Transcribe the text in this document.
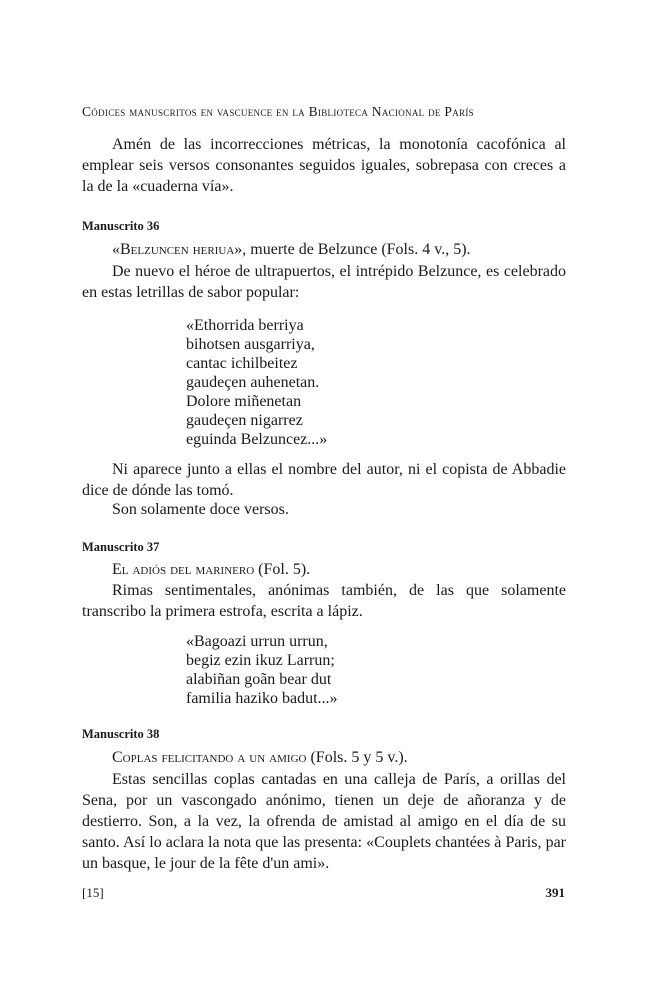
Códices manuscritos en vascuence en la Biblioteca Nacional de París

Amén de las incorrecciones métricas, la monotonía cacofónica al emplear seis versos consonantes seguidos iguales, sobrepasa con creces a la de la «cuaderna vía».

Manuscrito 36

«Belzuncen heriua», muerte de Belzunce (Fols. 4 v., 5).

De nuevo el héroe de ultrapuertos, el intrépido Belzunce, es celebrado en estas letrillas de sabor popular:

«Ethorrida berriya
bihotsen ausgarriya,
cantac ichilbeitez
gaudeçen auhenetan.
Dolore miñenetan
gaudeçen nigarrez
eguinda Belzuncez...»

Ni aparece junto a ellas el nombre del autor, ni el copista de Abbadie dice de dónde las tomó.

Son solamente doce versos.

Manuscrito 37

El adiós del marinero (Fol. 5).

Rimas sentimentales, anónimas también, de las que solamente transcribo la primera estrofa, escrita a lápiz.

«Bagoazi urrun urrun,
begiz ezin ikuz Larrun;
alabiñan goãn bear dut
familia haziko badut...»
Manuscrito 38

Coplas felicitando a un amigo (Fols. 5 y 5 v.).

Estas sencillas coplas cantadas en una calleja de París, a orillas del Sena, por un vascongado anónimo, tienen un deje de añoranza y de destierro. Son, a la vez, la ofrenda de amistad al amigo en el día de su santo. Así lo aclara la nota que las presenta: «Couplets chantées à Paris, par un basque, le jour de la fête d'un ami».

[15]	391
